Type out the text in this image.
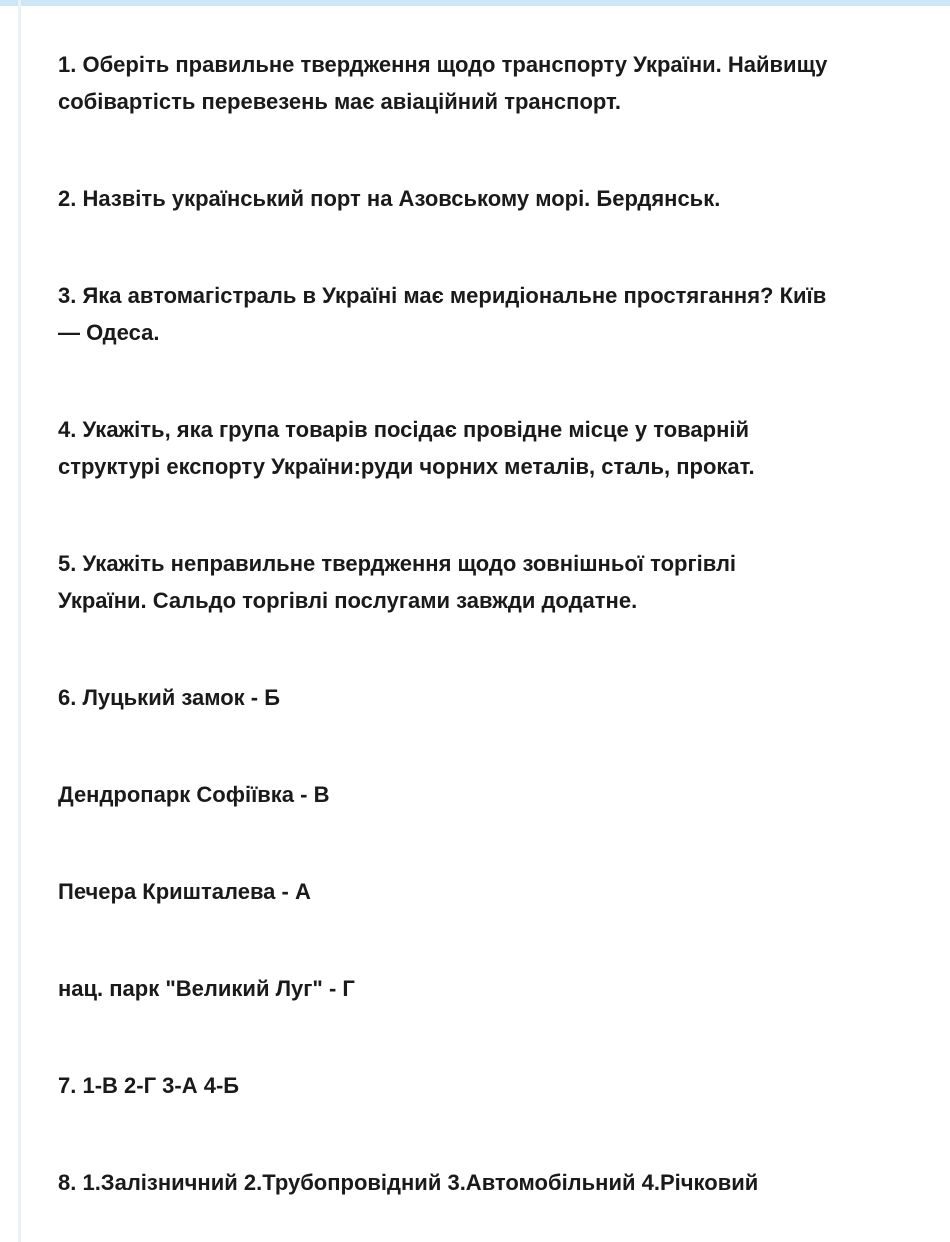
1. Оберіть правильне твердження щодо транспорту України. Найвищу

собівартість перевезень має авіаційний транспорт.

2. Назвіть український порт на Азовському морі. Бердянськ.

3. Яка автомагістраль в Україні має меридіональне простягання? Київ

— Одеса.

4. Укажіть, яка група товарів посідає провідне місце у товарній

структурі експорту України:руди чорних металів, сталь, прокат.

5. Укажіть неправильне твердження щодо зовнішньої торгівлі

України. Сальдо торгівлі послугами завжди додатне.

6. Луцький замок - Б

Дендропарк Софіївка - В

Печера Кришталева - А

нац. парк "Великий Луг" - Г

7. 1-В 2-Г 3-А 4-Б

8. 1.Залізничний 2.Трубопровідний 3.Автомобільний 4.Річковий
